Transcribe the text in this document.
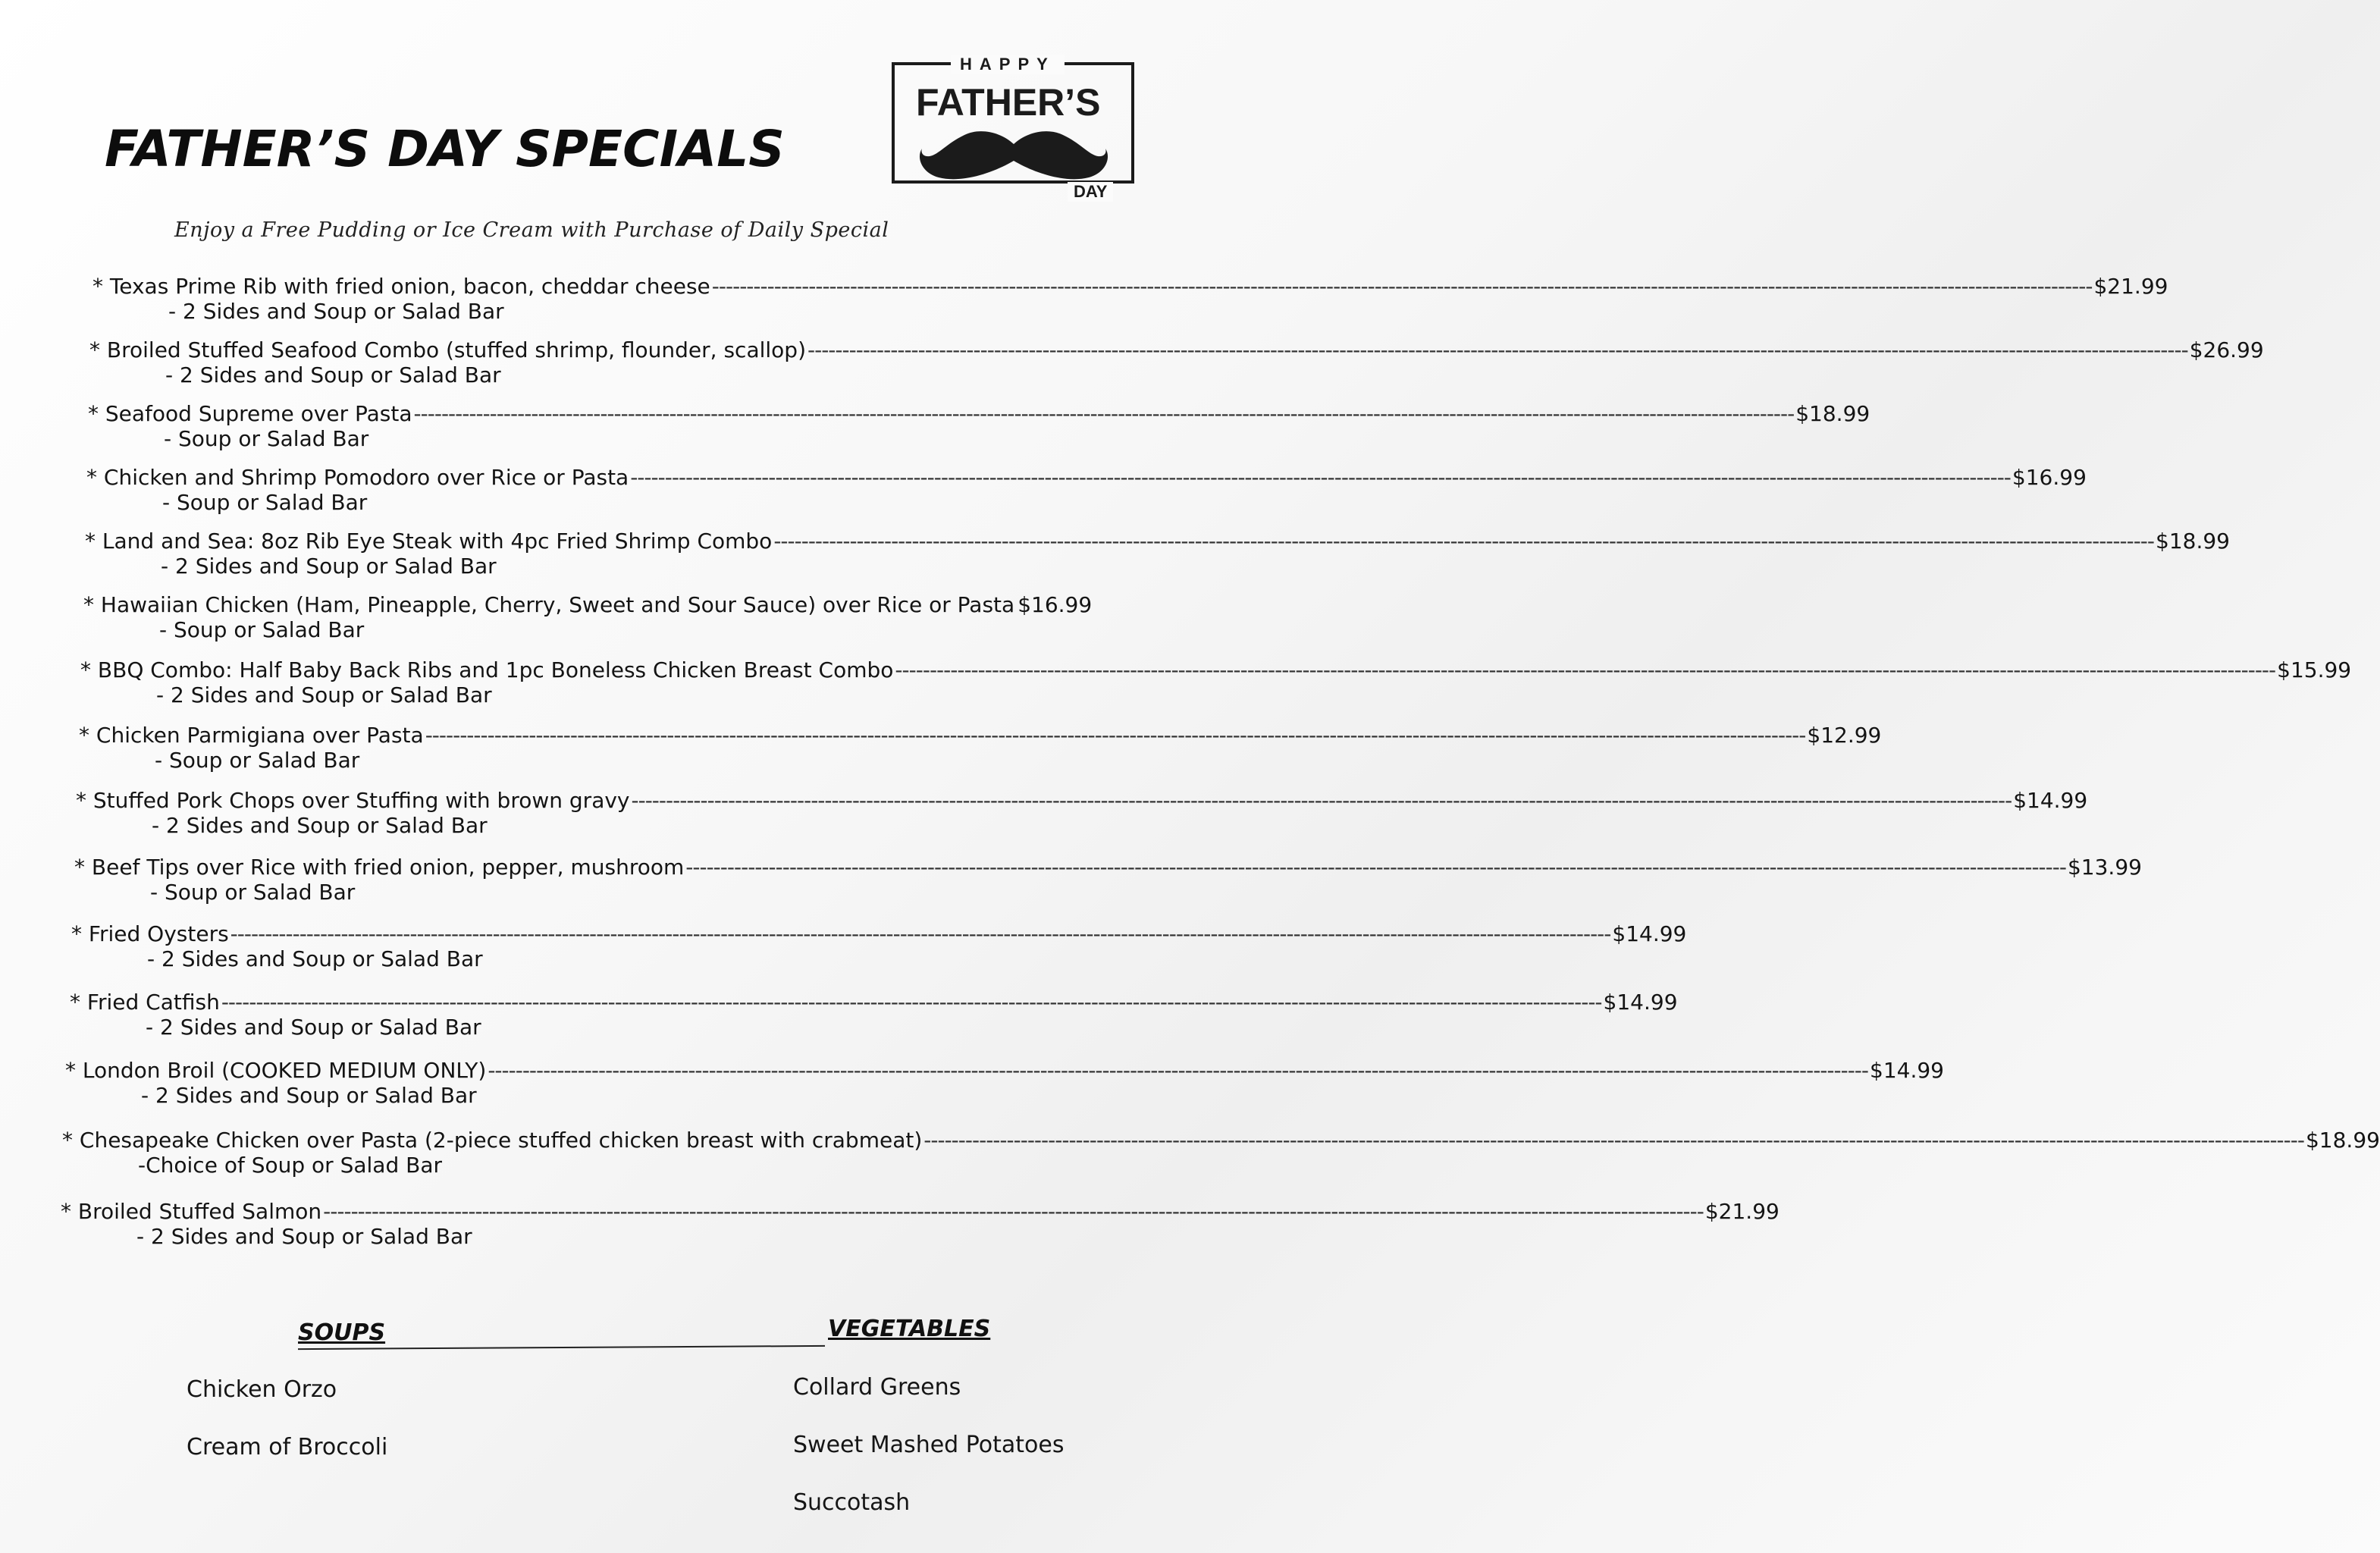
FATHER’S DAY SPECIALS
HAPPY
FATHER’S
DAY
Enjoy a Free Pudding or Ice Cream with Purchase of Daily Special
* Texas Prime Rib with fried onion, bacon, cheddar cheese -------------------------------------------------------------------------------------------------------------------------------------------------------------------------------------------------------- $21.99
- 2 Sides and Soup or Salad Bar
* Broiled Stuffed Seafood Combo (stuffed shrimp, flounder, scallop) -------------------------------------------------------------------------------------------------------------------------------------------------------------------------------------------------------- $26.99
- 2 Sides and Soup or Salad Bar
* Seafood Supreme over Pasta -------------------------------------------------------------------------------------------------------------------------------------------------------------------------------------------------------- $18.99
- Soup or Salad Bar
* Chicken and Shrimp Pomodoro over Rice or Pasta -------------------------------------------------------------------------------------------------------------------------------------------------------------------------------------------------------- $16.99
- Soup or Salad Bar
* Land and Sea: 8oz Rib Eye Steak with 4pc Fried Shrimp Combo -------------------------------------------------------------------------------------------------------------------------------------------------------------------------------------------------------- $18.99
- 2 Sides and Soup or Salad Bar
* Hawaiian Chicken (Ham, Pineapple, Cherry, Sweet and Sour Sauce) over Rice or Pasta $16.99
- Soup or Salad Bar
* BBQ Combo: Half Baby Back Ribs and 1pc Boneless Chicken Breast Combo -------------------------------------------------------------------------------------------------------------------------------------------------------------------------------------------------------- $15.99
- 2 Sides and Soup or Salad Bar
* Chicken Parmigiana over Pasta -------------------------------------------------------------------------------------------------------------------------------------------------------------------------------------------------------- $12.99
- Soup or Salad Bar
* Stuffed Pork Chops over Stuffing with brown gravy -------------------------------------------------------------------------------------------------------------------------------------------------------------------------------------------------------- $14.99
- 2 Sides and Soup or Salad Bar
* Beef Tips over Rice with fried onion, pepper, mushroom -------------------------------------------------------------------------------------------------------------------------------------------------------------------------------------------------------- $13.99
- Soup or Salad Bar
* Fried Oysters -------------------------------------------------------------------------------------------------------------------------------------------------------------------------------------------------------- $14.99
- 2 Sides and Soup or Salad Bar
* Fried Catfish -------------------------------------------------------------------------------------------------------------------------------------------------------------------------------------------------------- $14.99
- 2 Sides and Soup or Salad Bar
* London Broil (COOKED MEDIUM ONLY) -------------------------------------------------------------------------------------------------------------------------------------------------------------------------------------------------------- $14.99
- 2 Sides and Soup or Salad Bar
* Chesapeake Chicken over Pasta (2-piece stuffed chicken breast with crabmeat) -------------------------------------------------------------------------------------------------------------------------------------------------------------------------------------------------------- $18.99
-Choice of Soup or Salad Bar
* Broiled Stuffed Salmon -------------------------------------------------------------------------------------------------------------------------------------------------------------------------------------------------------- $21.99
- 2 Sides and Soup or Salad Bar
SOUPS	VEGETABLES
Chicken Orzo
Cream of Broccoli
Collard Greens
Sweet Mashed Potatoes
Succotash
